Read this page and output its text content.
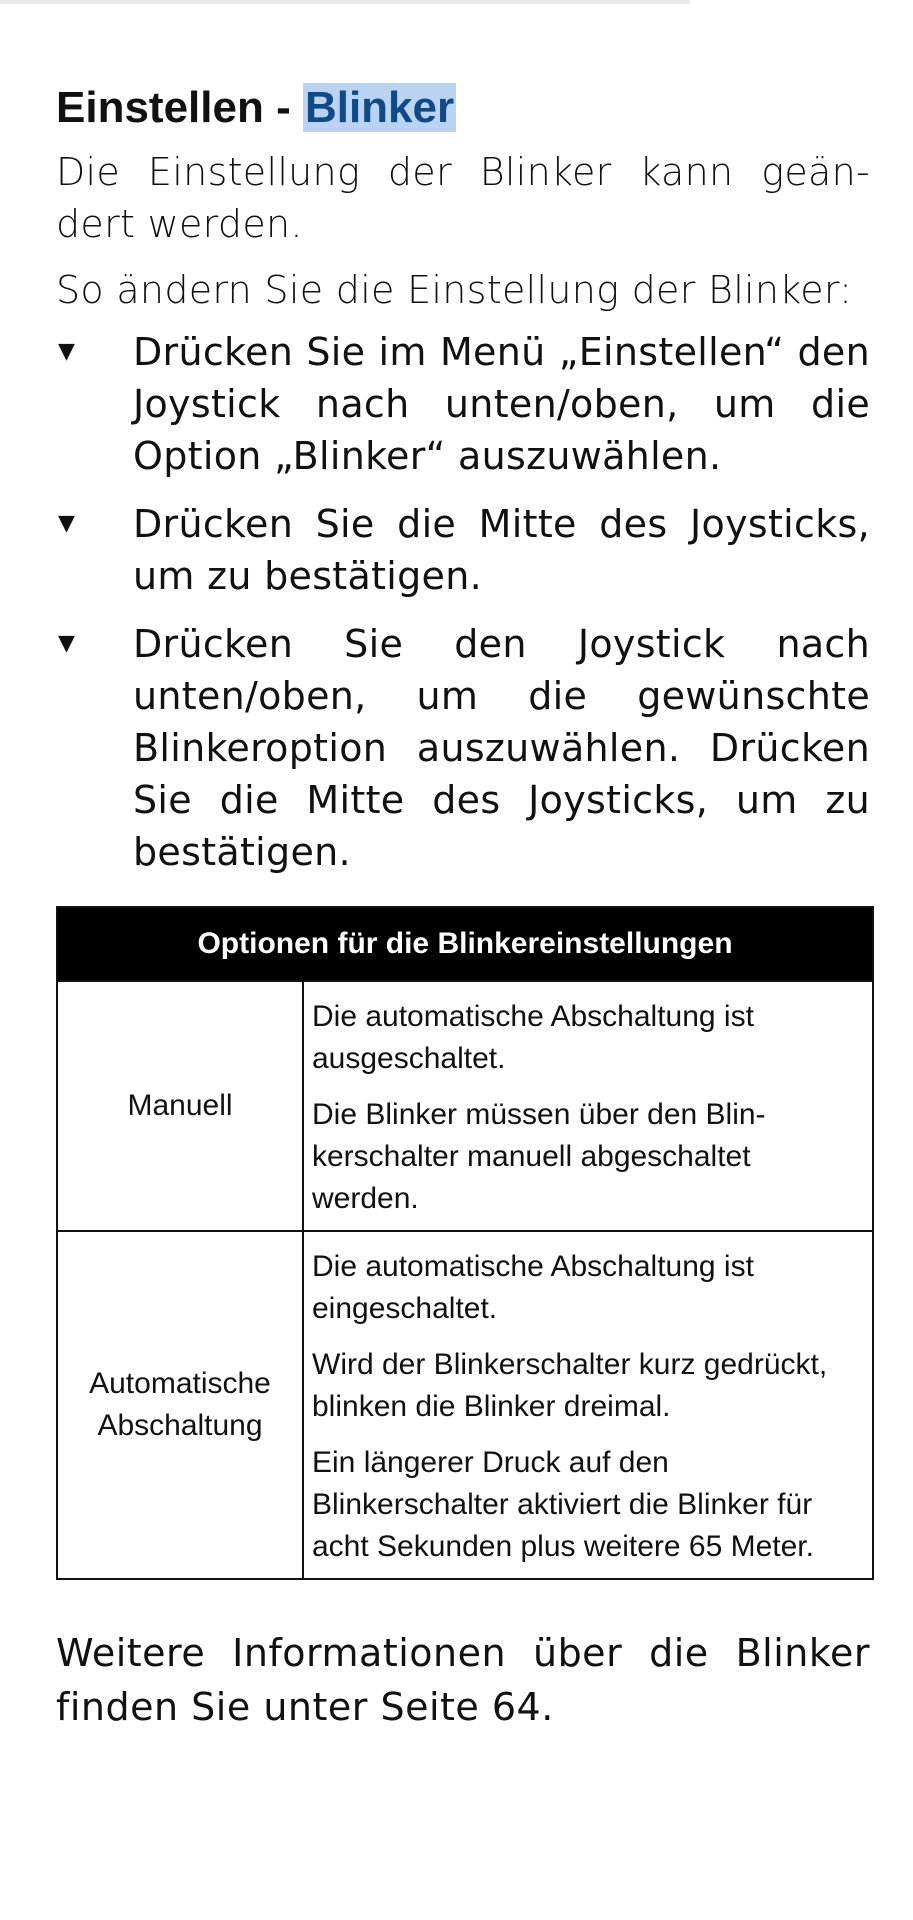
Einstellen - Blinker

Die Einstellung der Blinker kann geän-dert werden.

So ändern Sie die Einstellung der Blinker:

▼ Drücken Sie im Menü „Einstellen“ den Joystick nach unten/oben, um die Option „Blinker“ auszuwählen.
▼ Drücken Sie die Mitte des Joysticks, um zu bestätigen.
▼ Drücken Sie den Joystick nach unten/oben, um die gewünschte Blinkeroption auszuwählen. Drücken Sie die Mitte des Joysticks, um zu bestätigen.
Optionen für die Blinkereinstellungen	
Manuell	Die automatische Abschaltung ist ausgeschaltet.
Die Blinker müssen über den Blin-kerschalter manuell abgeschaltet werden.

Automatische Abschaltung	Die automatische Abschaltung ist eingeschaltet.
Wird der Blinkerschalter kurz gedrückt, blinken die Blinker dreimal.
Ein längerer Druck auf den Blinkerschalter aktiviert die Blinker für acht Sekunden plus weitere 65 Meter.

Weitere Informationen über die Blinker finden Sie unter Seite 64.
